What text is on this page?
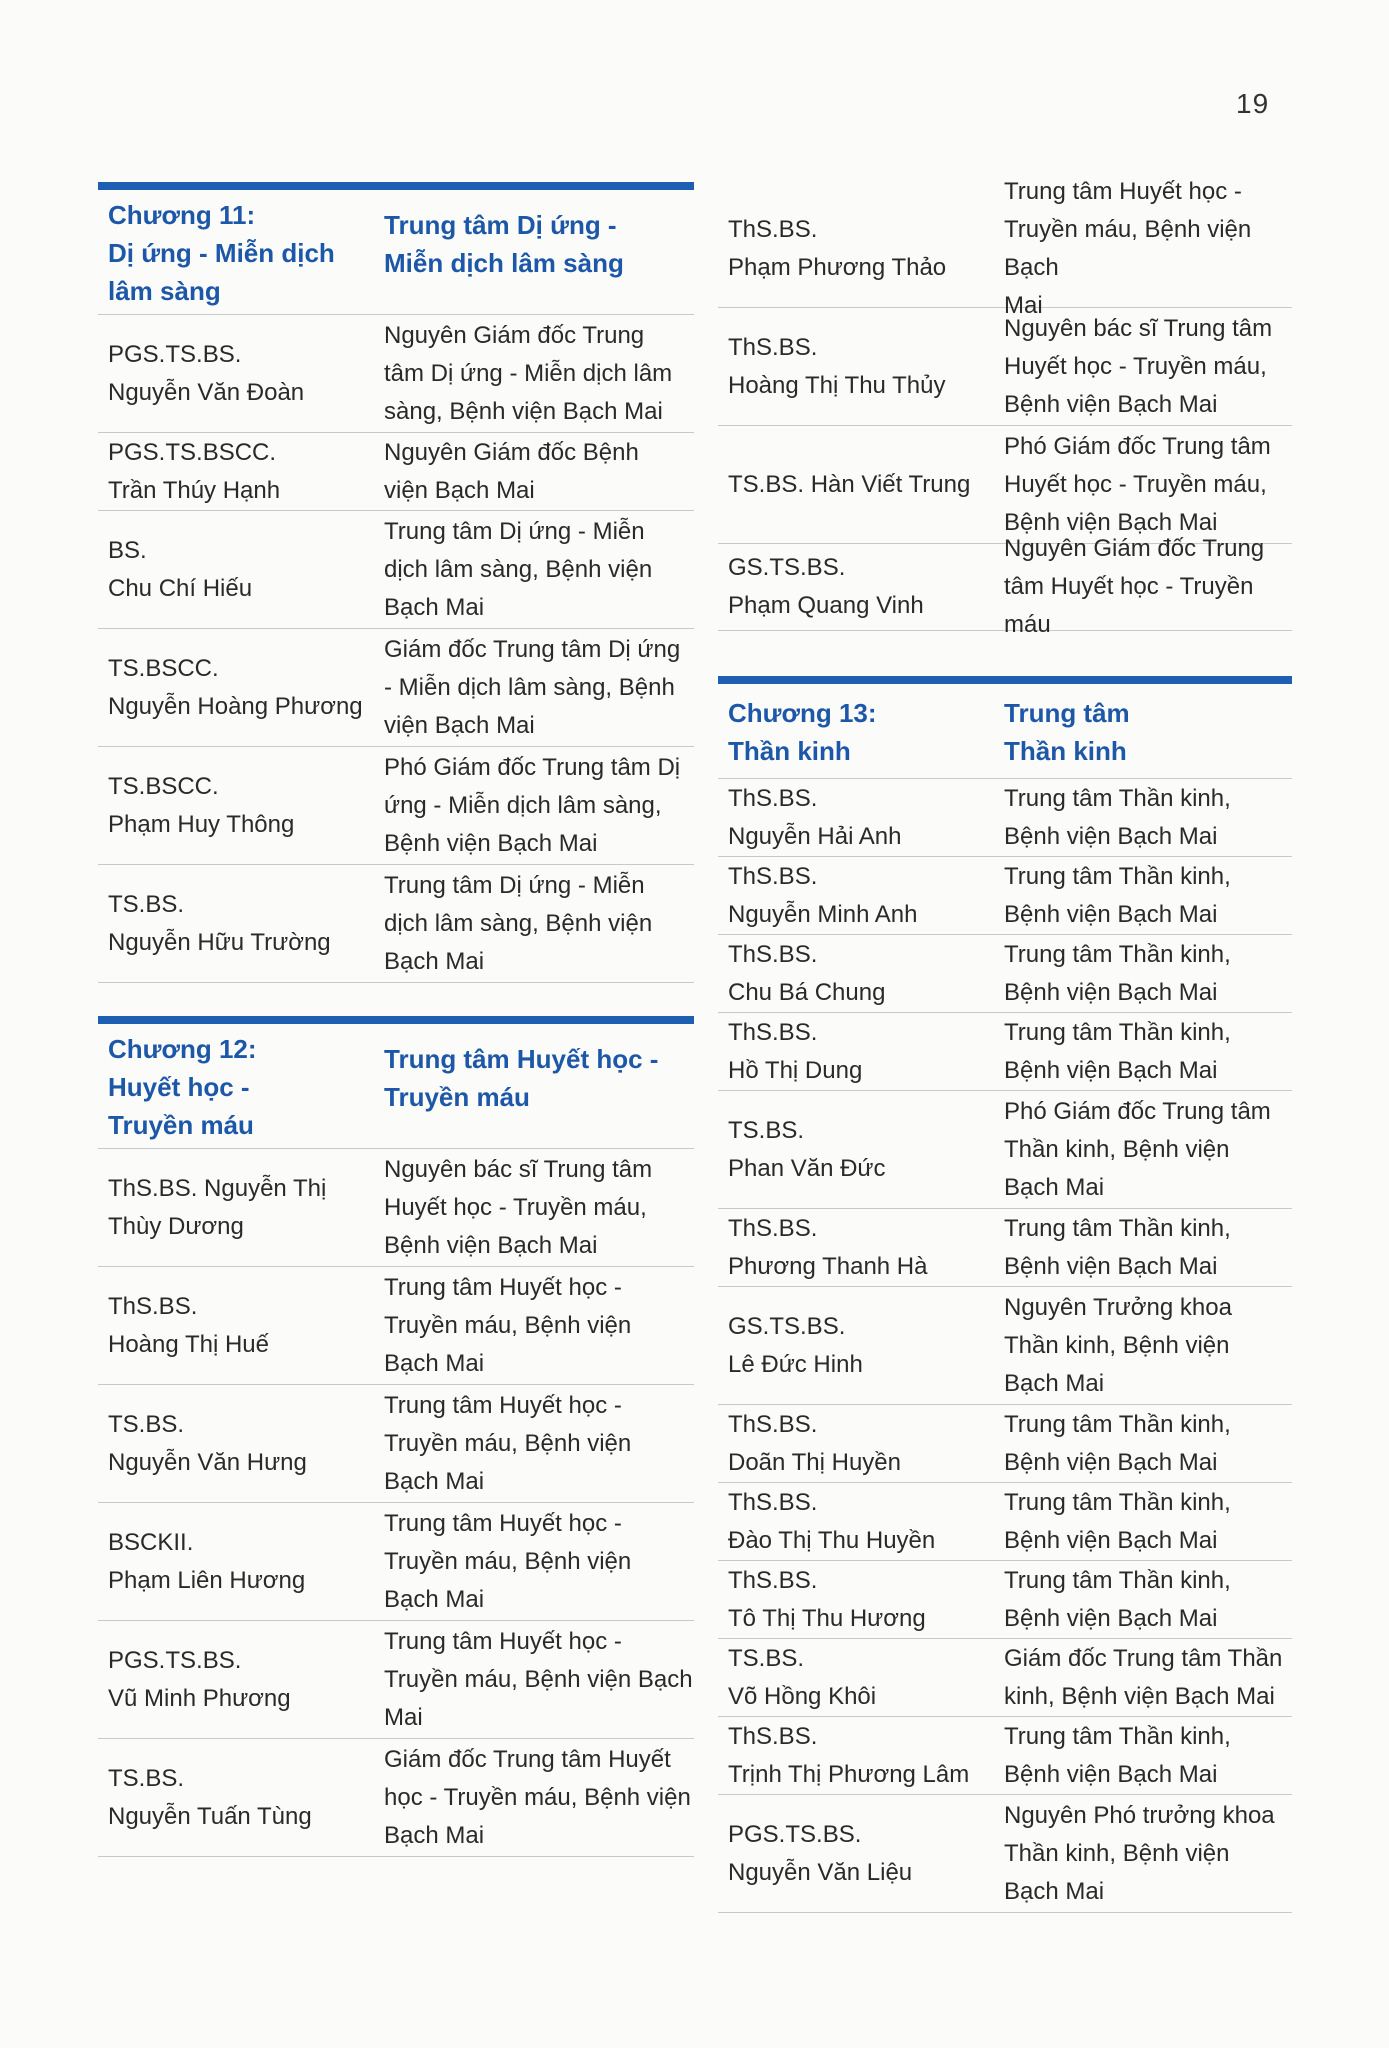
19
Chương 11:
Dị ứng - Miễn dịch
lâm sàng
Trung tâm Dị ứng -
Miễn dịch lâm sàng
PGS.TS.BS.
Nguyễn Văn Đoàn
Nguyên Giám đốc Trung
tâm Dị ứng - Miễn dịch lâm
sàng, Bệnh viện Bạch Mai
PGS.TS.BSCC.
Trần Thúy Hạnh
Nguyên Giám đốc Bệnh
viện Bạch Mai
BS.
Chu Chí Hiếu
Trung tâm Dị ứng - Miễn
dịch lâm sàng, Bệnh viện
Bạch Mai
TS.BSCC.
Nguyễn Hoàng Phương
Giám đốc Trung tâm Dị ứng
- Miễn dịch lâm sàng, Bệnh
viện Bạch Mai
TS.BSCC.
Phạm Huy Thông
Phó Giám đốc Trung tâm Dị
ứng - Miễn dịch lâm sàng,
Bệnh viện Bạch Mai
TS.BS.
Nguyễn Hữu Trường
Trung tâm Dị ứng - Miễn
dịch lâm sàng, Bệnh viện
Bạch Mai
Chương 12:
Huyết học -
Truyền máu
Trung tâm Huyết học -
Truyền máu
ThS.BS. Nguyễn Thị
Thùy Dương
Nguyên bác sĩ Trung tâm
Huyết học - Truyền máu,
Bệnh viện Bạch Mai
ThS.BS.
Hoàng Thị Huế
Trung tâm Huyết học -
Truyền máu, Bệnh viện
Bạch Mai
TS.BS.
Nguyễn Văn Hưng
Trung tâm Huyết học -
Truyền máu, Bệnh viện
Bạch Mai
BSCKII.
Phạm Liên Hương
Trung tâm Huyết học -
Truyền máu, Bệnh viện
Bạch Mai
PGS.TS.BS.
Vũ Minh Phương
Trung tâm Huyết học -
Truyền máu, Bệnh viện Bạch
Mai
TS.BS.
Nguyễn Tuấn Tùng
Giám đốc Trung tâm Huyết
học - Truyền máu, Bệnh viện
Bạch Mai
ThS.BS.
Phạm Phương Thảo
Trung tâm Huyết học -
Truyền máu, Bệnh viện Bạch
Mai
ThS.BS.
Hoàng Thị Thu Thủy
Nguyên bác sĩ Trung tâm
Huyết học - Truyền máu,
Bệnh viện Bạch Mai
TS.BS. Hàn Viết Trung
Phó Giám đốc Trung tâm
Huyết học - Truyền máu,
Bệnh viện Bạch Mai
GS.TS.BS.
Phạm Quang Vinh
Nguyên Giám đốc Trung
tâm Huyết học - Truyền máu
Chương 13:
Thần kinh
Trung tâm
Thần kinh
ThS.BS.
Nguyễn Hải Anh
Trung tâm Thần kinh,
Bệnh viện Bạch Mai
ThS.BS.
Nguyễn Minh Anh
Trung tâm Thần kinh,
Bệnh viện Bạch Mai
ThS.BS.
Chu Bá Chung
Trung tâm Thần kinh,
Bệnh viện Bạch Mai
ThS.BS.
Hồ Thị Dung
Trung tâm Thần kinh,
Bệnh viện Bạch Mai
TS.BS.
Phan Văn Đức
Phó Giám đốc Trung tâm
Thần kinh, Bệnh viện
Bạch Mai
ThS.BS.
Phương Thanh Hà
Trung tâm Thần kinh,
Bệnh viện Bạch Mai
GS.TS.BS.
Lê Đức Hinh
Nguyên Trưởng khoa
Thần kinh, Bệnh viện
Bạch Mai
ThS.BS.
Doãn Thị Huyền
Trung tâm Thần kinh,
Bệnh viện Bạch Mai
ThS.BS.
Đào Thị Thu Huyền
Trung tâm Thần kinh,
Bệnh viện Bạch Mai
ThS.BS.
Tô Thị Thu Hương
Trung tâm Thần kinh,
Bệnh viện Bạch Mai
TS.BS.
Võ Hồng Khôi
Giám đốc Trung tâm Thần
kinh, Bệnh viện Bạch Mai
ThS.BS.
Trịnh Thị Phương Lâm
Trung tâm Thần kinh,
Bệnh viện Bạch Mai
PGS.TS.BS.
Nguyễn Văn Liệu
Nguyên Phó trưởng khoa
Thần kinh, Bệnh viện
Bạch Mai
